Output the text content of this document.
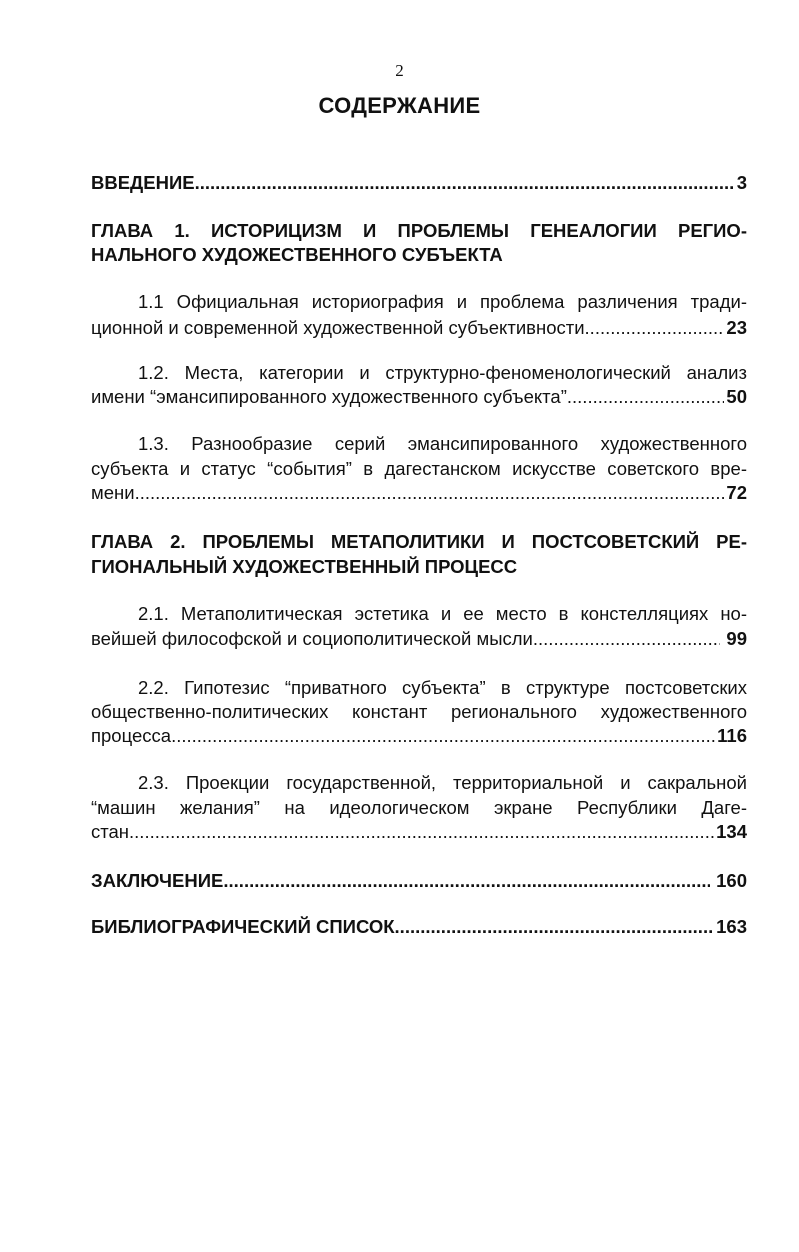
2
СОДЕРЖАНИЕ
ВВЕДЕНИЕ .....	3
ГЛАВА 1. ИСТОРИЦИЗМ И ПРОБЛЕМЫ ГЕНЕАЛОГИИ РЕГИО-
НАЛЬНОГО ХУДОЖЕСТВЕННОГО СУБЪЕКТА
1.1 Официальная историография и проблема различения тради-
ционной и современной художественной субъективности .....	23
1.2. Места, категории и структурно-феноменологический анализ
имени “эмансипированного художественного субъекта” .....	50
1.3. Разнообразие серий эмансипированного художественного
субъекта и статус “события” в дагестанском искусстве советского вре-
мени .....	72
ГЛАВА 2. ПРОБЛЕМЫ МЕТАПОЛИТИКИ И ПОСТСОВЕТСКИЙ РЕ-
ГИОНАЛЬНЫЙ ХУДОЖЕСТВЕННЫЙ ПРОЦЕСС
2.1. Метаполитическая эстетика и ее место в констелляциях но-
вейшей философской и социополитической мысли .....	99
2.2. Гипотезис “приватного субъекта” в структуре постсоветских
общественно-политических констант регионального художественного
процесса .....	116
2.3. Проекции государственной, территориальной и сакральной
“машин желания” на идеологическом экране Республики Даге-
стан .....	134
ЗАКЛЮЧЕНИЕ .....	160
БИБЛИОГРАФИЧЕСКИЙ СПИСОК .....	163
